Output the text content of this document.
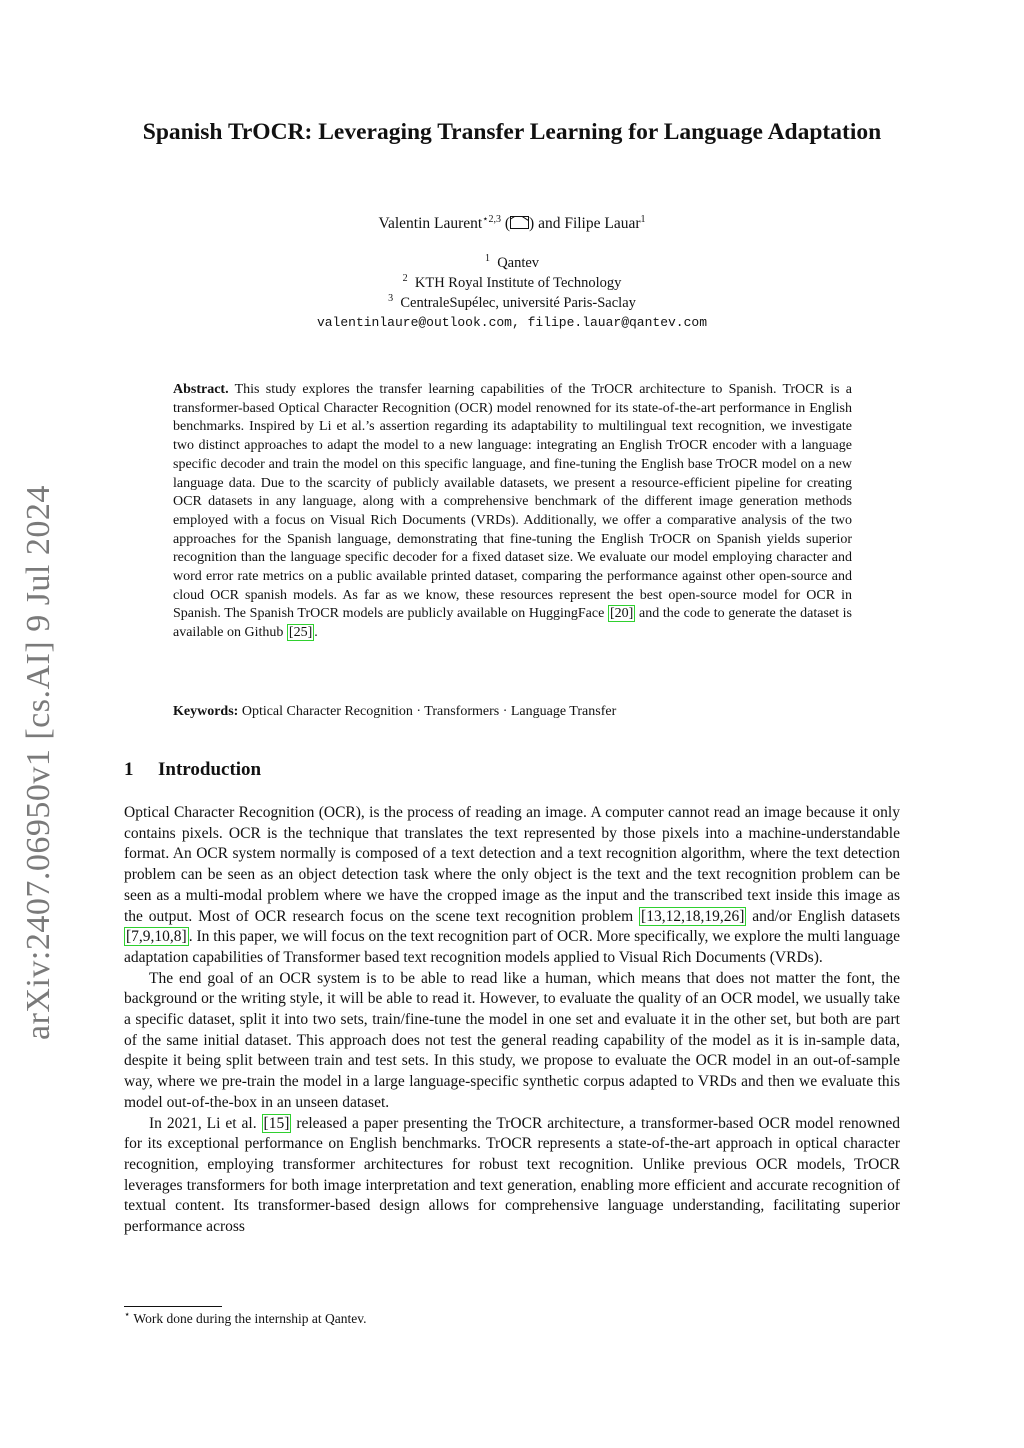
arXiv:2407.06950v1 [cs.AI] 9 Jul 2024
Spanish TrOCR: Leveraging Transfer Learning for Language Adaptation
Valentin Laurent$^{⋆2,3}$ ( ) and Filipe Lauar$^1$
$^1$ Qantev
$^2$ KTH Royal Institute of Technology
$^3$ CentraleSupélec, université Paris-Saclay
valentinlaure@outlook.com, filipe.lauar@qantev.com
Abstract. This study explores the transfer learning capabilities of the TrOCR architecture to Spanish. TrOCR is a transformer-based Optical Character Recognition (OCR) model renowned for its state-of-the-art performance in English benchmarks. Inspired by Li et al.’s assertion regarding its adaptability to multilingual text recognition, we investigate two distinct approaches to adapt the model to a new language: integrating an English TrOCR encoder with a language specific decoder and train the model on this specific language, and fine-tuning the English base TrOCR model on a new language data. Due to the scarcity of publicly available datasets, we present a resource-efficient pipeline for creating OCR datasets in any language, along with a comprehensive benchmark of the different image generation methods employed with a focus on Visual Rich Documents (VRDs). Additionally, we offer a comparative analysis of the two approaches for the Spanish language, demonstrating that fine-tuning the English TrOCR on Spanish yields superior recognition than the language specific decoder for a fixed dataset size. We evaluate our model employing character and word error rate metrics on a public available printed dataset, comparing the performance against other open-source and cloud OCR spanish models. As far as we know, these resources represent the best open-source model for OCR in Spanish. The Spanish TrOCR models are publicly available on HuggingFace [20] and the code to generate the dataset is available on Github [25] .
Keywords: Optical Character Recognition · Transformers · Language Transfer
1 Introduction

Optical Character Recognition (OCR), is the process of reading an image. A computer cannot read an image because it only contains pixels. OCR is the technique that translates the text represented by those pixels into a machine-understandable format. An OCR system normally is composed of a text detection and a text recognition algorithm, where the text detection problem can be seen as an object detection task where the only object is the text and the text recognition problem can be seen as a multi-modal problem where we have the cropped image as the input and the transcribed text inside this image as the output. Most of OCR research focus on the scene text recognition problem [13,12,18,19,26] and/or English datasets [7,9,10,8] . In this paper, we will focus on the text recognition part of OCR. More specifically, we explore the multi language adaptation capabilities of Transformer based text recognition models applied to Visual Rich Documents (VRDs).

The end goal of an OCR system is to be able to read like a human, which means that does not matter the font, the background or the writing style, it will be able to read it. However, to evaluate the quality of an OCR model, we usually take a specific dataset, split it into two sets, train/fine-tune the model in one set and evaluate it in the other set, but both are part of the same initial dataset. This approach does not test the general reading capability of the model as it is in-sample data, despite it being split between train and test sets. In this study, we propose to evaluate the OCR model in an out-of-sample way, where we pre-train the model in a large language-specific synthetic corpus adapted to VRDs and then we evaluate this model out-of-the-box in an unseen dataset.

In 2021, Li et al. [15] released a paper presenting the TrOCR architecture, a transformer-based OCR model renowned for its exceptional performance on English benchmarks. TrOCR represents a state-of-the-art approach in optical character recognition, employing transformer architectures for robust text recognition. Unlike previous OCR models, TrOCR leverages transformers for both image interpretation and text generation, enabling more efficient and accurate recognition of textual content. Its transformer-based design allows for comprehensive language understanding, facilitating superior performance across

⋆ Work done during the internship at Qantev.
